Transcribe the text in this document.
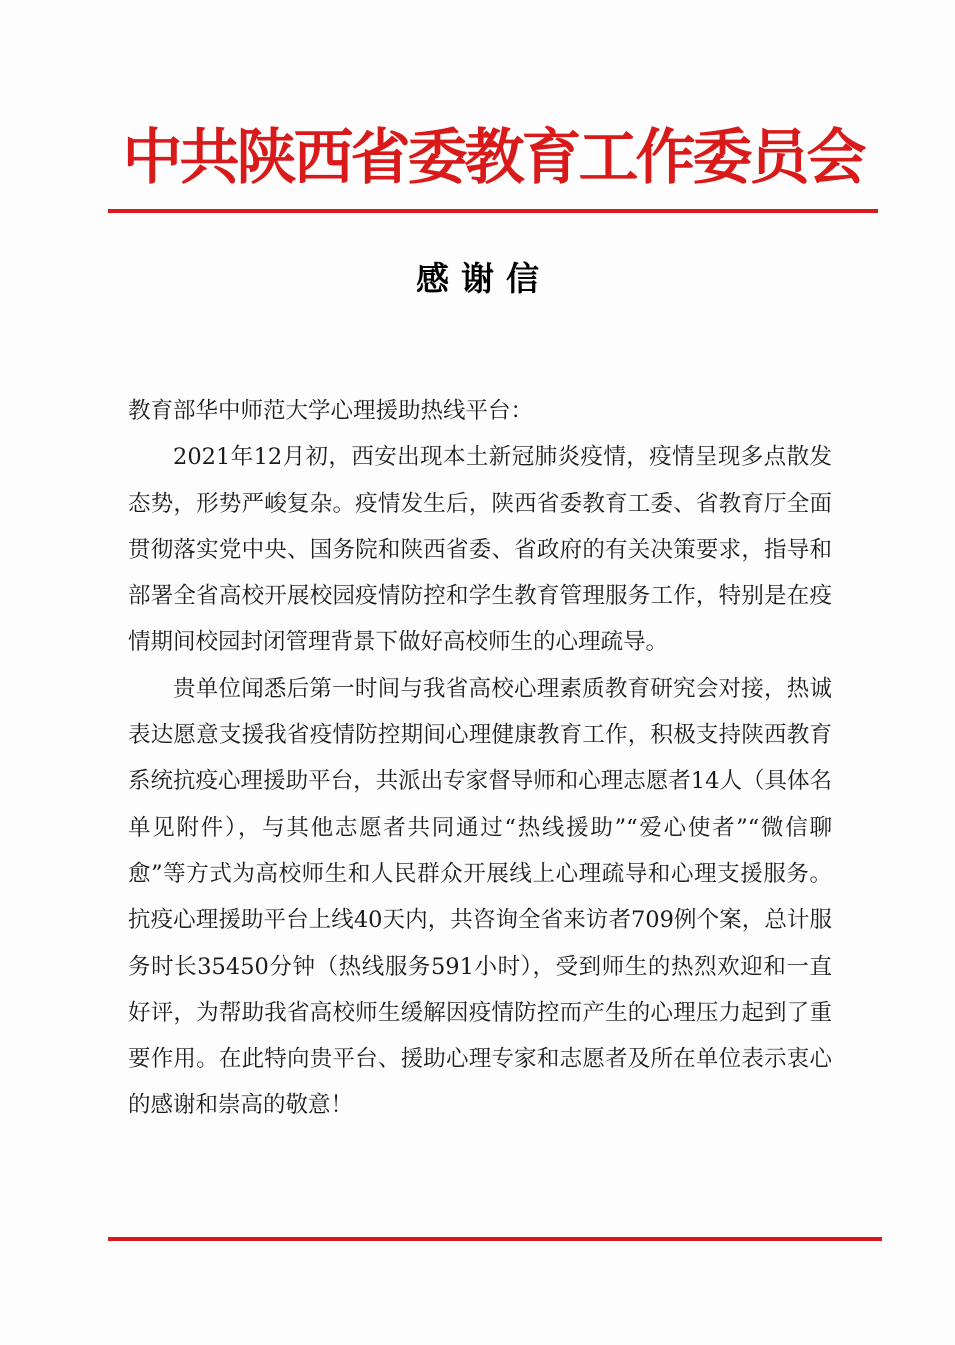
中共陕西省委教育工作委员会
感谢信

教育部华中师范大学心理援助热线平台：

2021年12月初，西安出现本土新冠肺炎疫情，疫情呈现多点散发态势，形势严峻复杂。疫情发生后，陕西省委教育工委、省教育厅全面贯彻落实党中央、国务院和陕西省委、省政府的有关决策要求，指导和部署全省高校开展校园疫情防控和学生教育管理服务工作，特别是在疫情期间校园封闭管理背景下做好高校师生的心理疏导。

贵单位闻悉后第一时间与我省高校心理素质教育研究会对接，热诚表达愿意支援我省疫情防控期间心理健康教育工作，积极支持陕西教育系统抗疫心理援助平台，共派出专家督导师和心理志愿者14人（具体名单见附件），与其他志愿者共同通过“热线援助”“爱心使者”“微信聊愈”等方式为高校师生和人民群众开展线上心理疏导和心理支援服务。抗疫心理援助平台上线40天内，共咨询全省来访者709例个案，总计服务时长35450分钟（热线服务591小时），受到师生的热烈欢迎和一直好评，为帮助我省高校师生缓解因疫情防控而产生的心理压力起到了重要作用。在此特向贵平台、援助心理专家和志愿者及所在单位表示衷心的感谢和崇高的敬意！
